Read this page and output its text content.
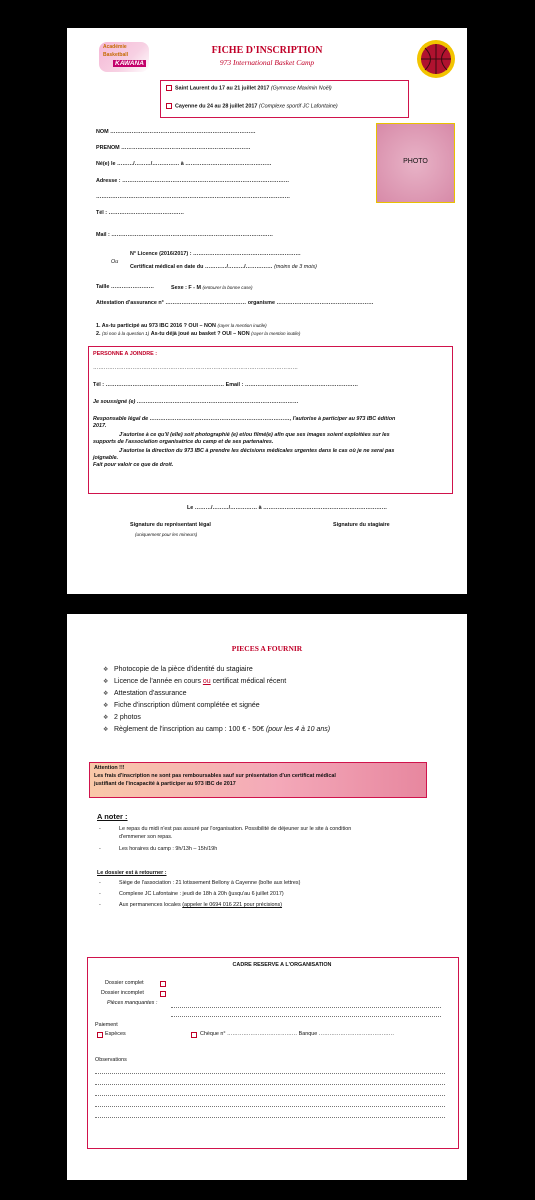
Académie
Basketball
KAWANA
FICHE D'INSCRIPTION
973 International Basket Camp
Saint Laurent du 17 au 21 juillet 2017 (Gymnase Maximin Noël)
Cayenne du 24 au 28 juillet 2017 (Complexe sportif JC Lafontaine)
PHOTO
NOM ………………………………………………………………………
PRENOM ………………………………………………………………
Né(e) le ………/………/…………… à …………………………………………
Adresse : …………………………………………………………………………………
………………………………………………………………………………………………
Tél : ……………………………………
Mail : ………………………………………………………………………………
N° Licence (2016/2017) : ……………………………………………………
Ou
Certificat médical en date du …………/………/…………… (moins de 3 mois)
Taille ……………………	Sexe : F - M (entourer la bonne case)
Attestation d'assurance n° ……………………………………… organisme ………………………………………………
1. As-tu participé au 973 IBC 2016 ? OUI – NON (rayer la mention inutile)
2. (Si non à la question 1) As-tu déjà joué au basket ? OUI – NON (rayer la mention inutile)
PERSONNE A JOINDRE :
……………………………………………………………………………………………………
Tél : ………………………………………………………… Email : ………………………………………………………
Je soussigné (e) ………………………………………………………………………………
Responsable légal de ……………………………………………………………………, l'autorise à participer au 973 IBC édition
2017.
J'autorise à ce qu'il (elle) soit photographié (e) et/ou filmé(e) afin que ses images soient exploitées sur les
supports de l'association organisatrice du camp et de ses partenaires.
J'autorise la direction du 973 IBC à prendre les décisions médicales urgentes dans le cas où je ne serai pas
joignable.
Fait pour valoir ce que de droit.
Le ………/………/…………… à ……………………………………………………………
Signature du représentant légal
(uniquement pour les mineurs)
Signature du stagiaire
PIECES A FOURNIR
❖ Photocopie de la pièce d'identité du stagiaire
❖ Licence de l'année en cours ou certificat médical récent
❖ Attestation d'assurance
❖ Fiche d'inscription dûment complétée et signée
❖ 2 photos
❖ Règlement de l'inscription au camp : 100 € - 50€ (pour les 4 à 10 ans)
Attention !!!
Les frais d'inscription ne sont pas remboursables sauf sur présentation d'un certificat médical
justifiant de l'incapacité à participer au 973 IBC de 2017
A noter :
-	Le repas du midi n'est pas assuré par l'organisation. Possibilité de déjeuner sur le site à condition
d'emmener son repas.
-	Les horaires du camp : 9h/13h – 15h/19h
Le dossier est à retourner :
-	Siège de l'association : 21 lotissement Bellony à Cayenne (boîte aux lettres)
-	Complexe JC Lafontaine : jeudi de 18h à 20h (jusqu'au 6 juillet 2017)
-	Aux permanences locales (appeler le 0694 016 221 pour précisions)
CADRE RESERVE A L'ORGANISATION
Dossier complet
Dossier incomplet
Pièces manquantes :
Paiement
Espèces	Chèque n° ………………………………… Banque ……………………………………
Observations
